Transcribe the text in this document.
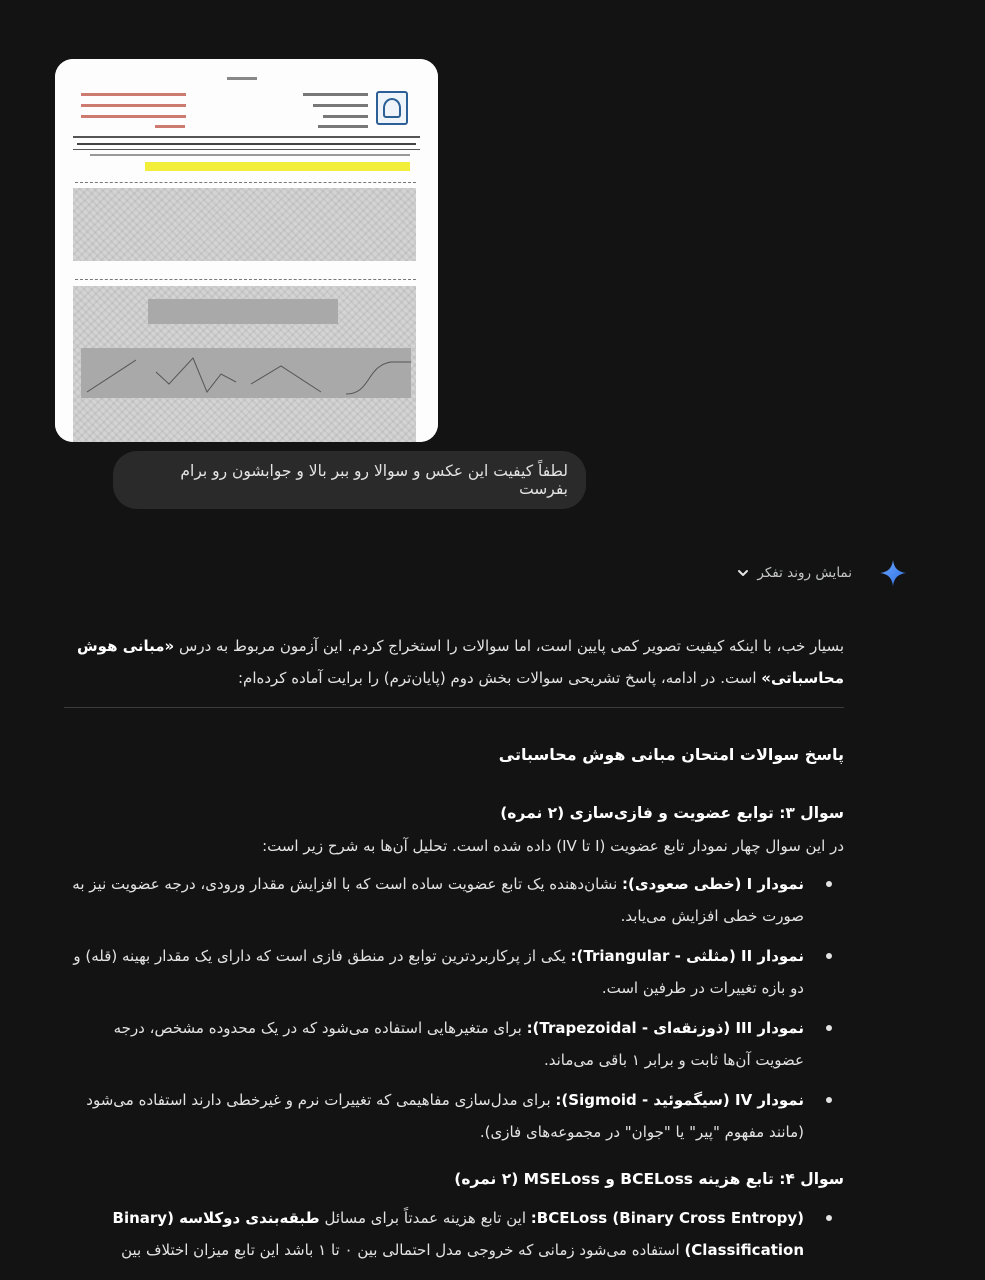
لطفاً کیفیت این عکس و سوالا رو ببر بالا و جوابشون رو برام بفرست
نمایش روند تفکر

بسیار خب، با اینکه کیفیت تصویر کمی پایین است، اما سوالات را استخراج کردم. این آزمون مربوط به درس «مبانی هوش محاسباتی» است. در ادامه، پاسخ تشریحی سوالات بخش دوم (پایان‌ترم) را برایت آماده کرده‌ام:

پاسخ سوالات امتحان مبانی هوش محاسباتی
سوال ۳: توابع عضویت و فازی‌سازی (۲ نمره)

در این سوال چهار نمودار تابع عضویت (I تا IV) داده شده است. تحلیل آن‌ها به شرح زیر است:

نمودار I (خطی صعودی): نشان‌دهنده یک تابع عضویت ساده است که با افزایش مقدار ورودی، درجه عضویت نیز به صورت خطی افزایش می‌یابد.
نمودار II (مثلثی - Triangular): یکی از پرکاربردترین توابع در منطق فازی است که دارای یک مقدار بهینه (قله) و دو بازه تغییرات در طرفین است.
نمودار III (ذوزنقه‌ای - Trapezoidal): برای متغیرهایی استفاده می‌شود که در یک محدوده مشخص، درجه عضویت آن‌ها ثابت و برابر ۱ باقی می‌ماند.
نمودار IV (سیگموئید - Sigmoid): برای مدل‌سازی مفاهیمی که تغییرات نرم و غیرخطی دارند استفاده می‌شود (مانند مفهوم "پیر" یا "جوان" در مجموعه‌های فازی).
سوال ۴: تابع هزینه BCELoss و MSELoss (۲ نمره)
BCELoss (Binary Cross Entropy): این تابع هزینه عمدتاً برای مسائل طبقه‌بندی دوکلاسه (Binary Classification) استفاده می‌شود زمانی که خروجی مدل احتمالی بین ۰ تا ۱ باشد این تابع میزان اختلاف بین
